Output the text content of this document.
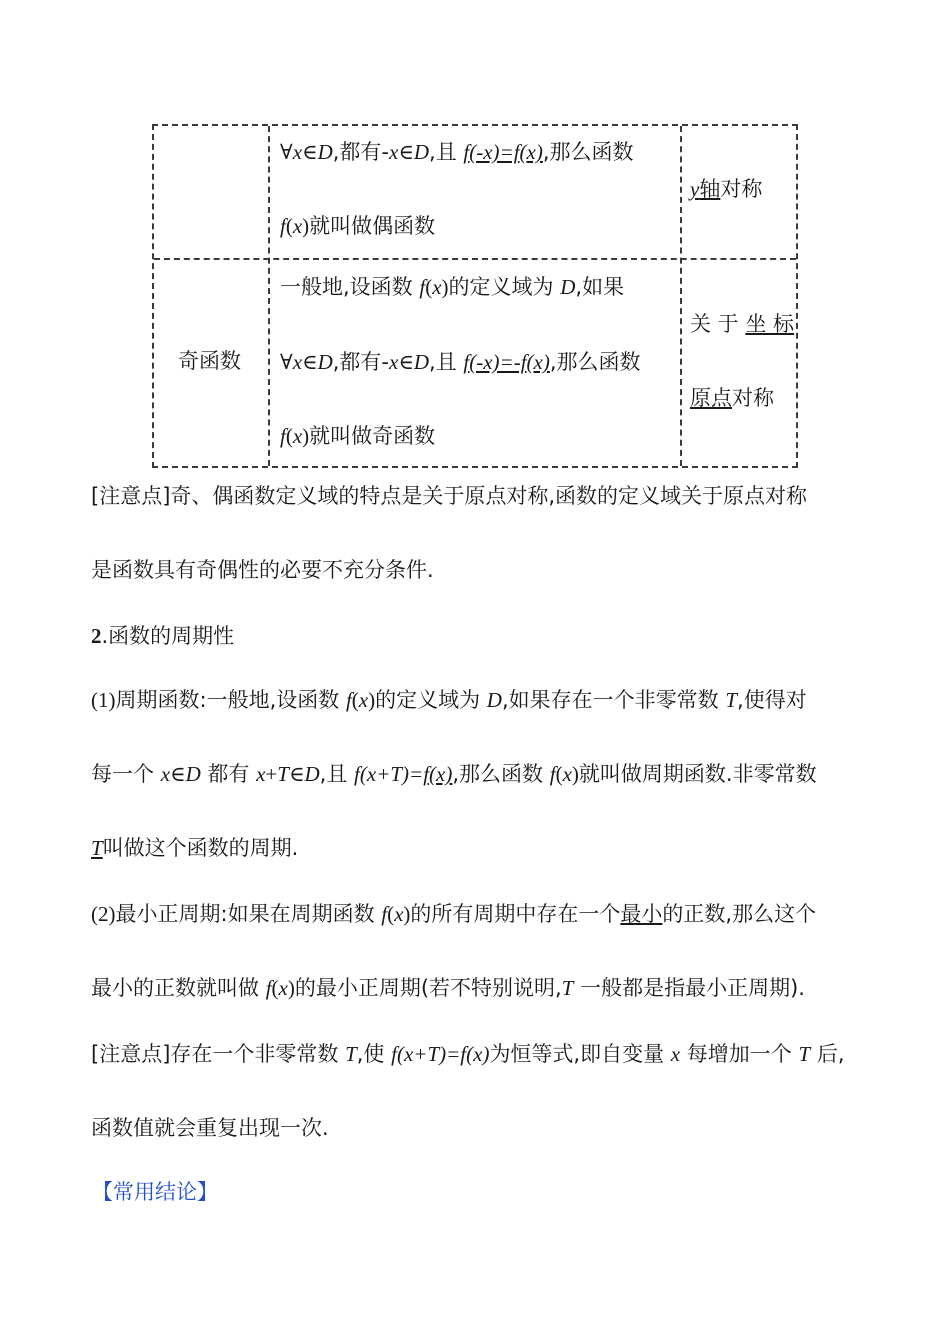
∀x∈D,都有-x∈D,且 f(-x)=f(x),那么函数
f(x)就叫做偶函数
y轴对称
奇函数
一般地,设函数 f(x)的定义域为 D,如果
∀x∈D,都有-x∈D,且 f(-x)=-f(x),那么函数
f(x)就叫做奇函数
关 于 坐 标
原点对称
[注意点]奇、偶函数定义域的特点是关于原点对称,函数的定义域关于原点对称
是函数具有奇偶性的必要不充分条件.
2.函数的周期性
(1)周期函数:一般地,设函数 f(x)的定义域为 D,如果存在一个非零常数 T,使得对
每一个 x∈D 都有 x+T∈D,且 f(x+T)=f(x),那么函数 f(x)就叫做周期函数.非零常数
T叫做这个函数的周期.
(2)最小正周期:如果在周期函数 f(x)的所有周期中存在一个最小的正数,那么这个
最小的正数就叫做 f(x)的最小正周期(若不特别说明,T 一般都是指最小正周期).
[注意点]存在一个非零常数 T,使 f(x+T)=f(x)为恒等式,即自变量 x 每增加一个 T 后,
函数值就会重复出现一次.
【常用结论】
